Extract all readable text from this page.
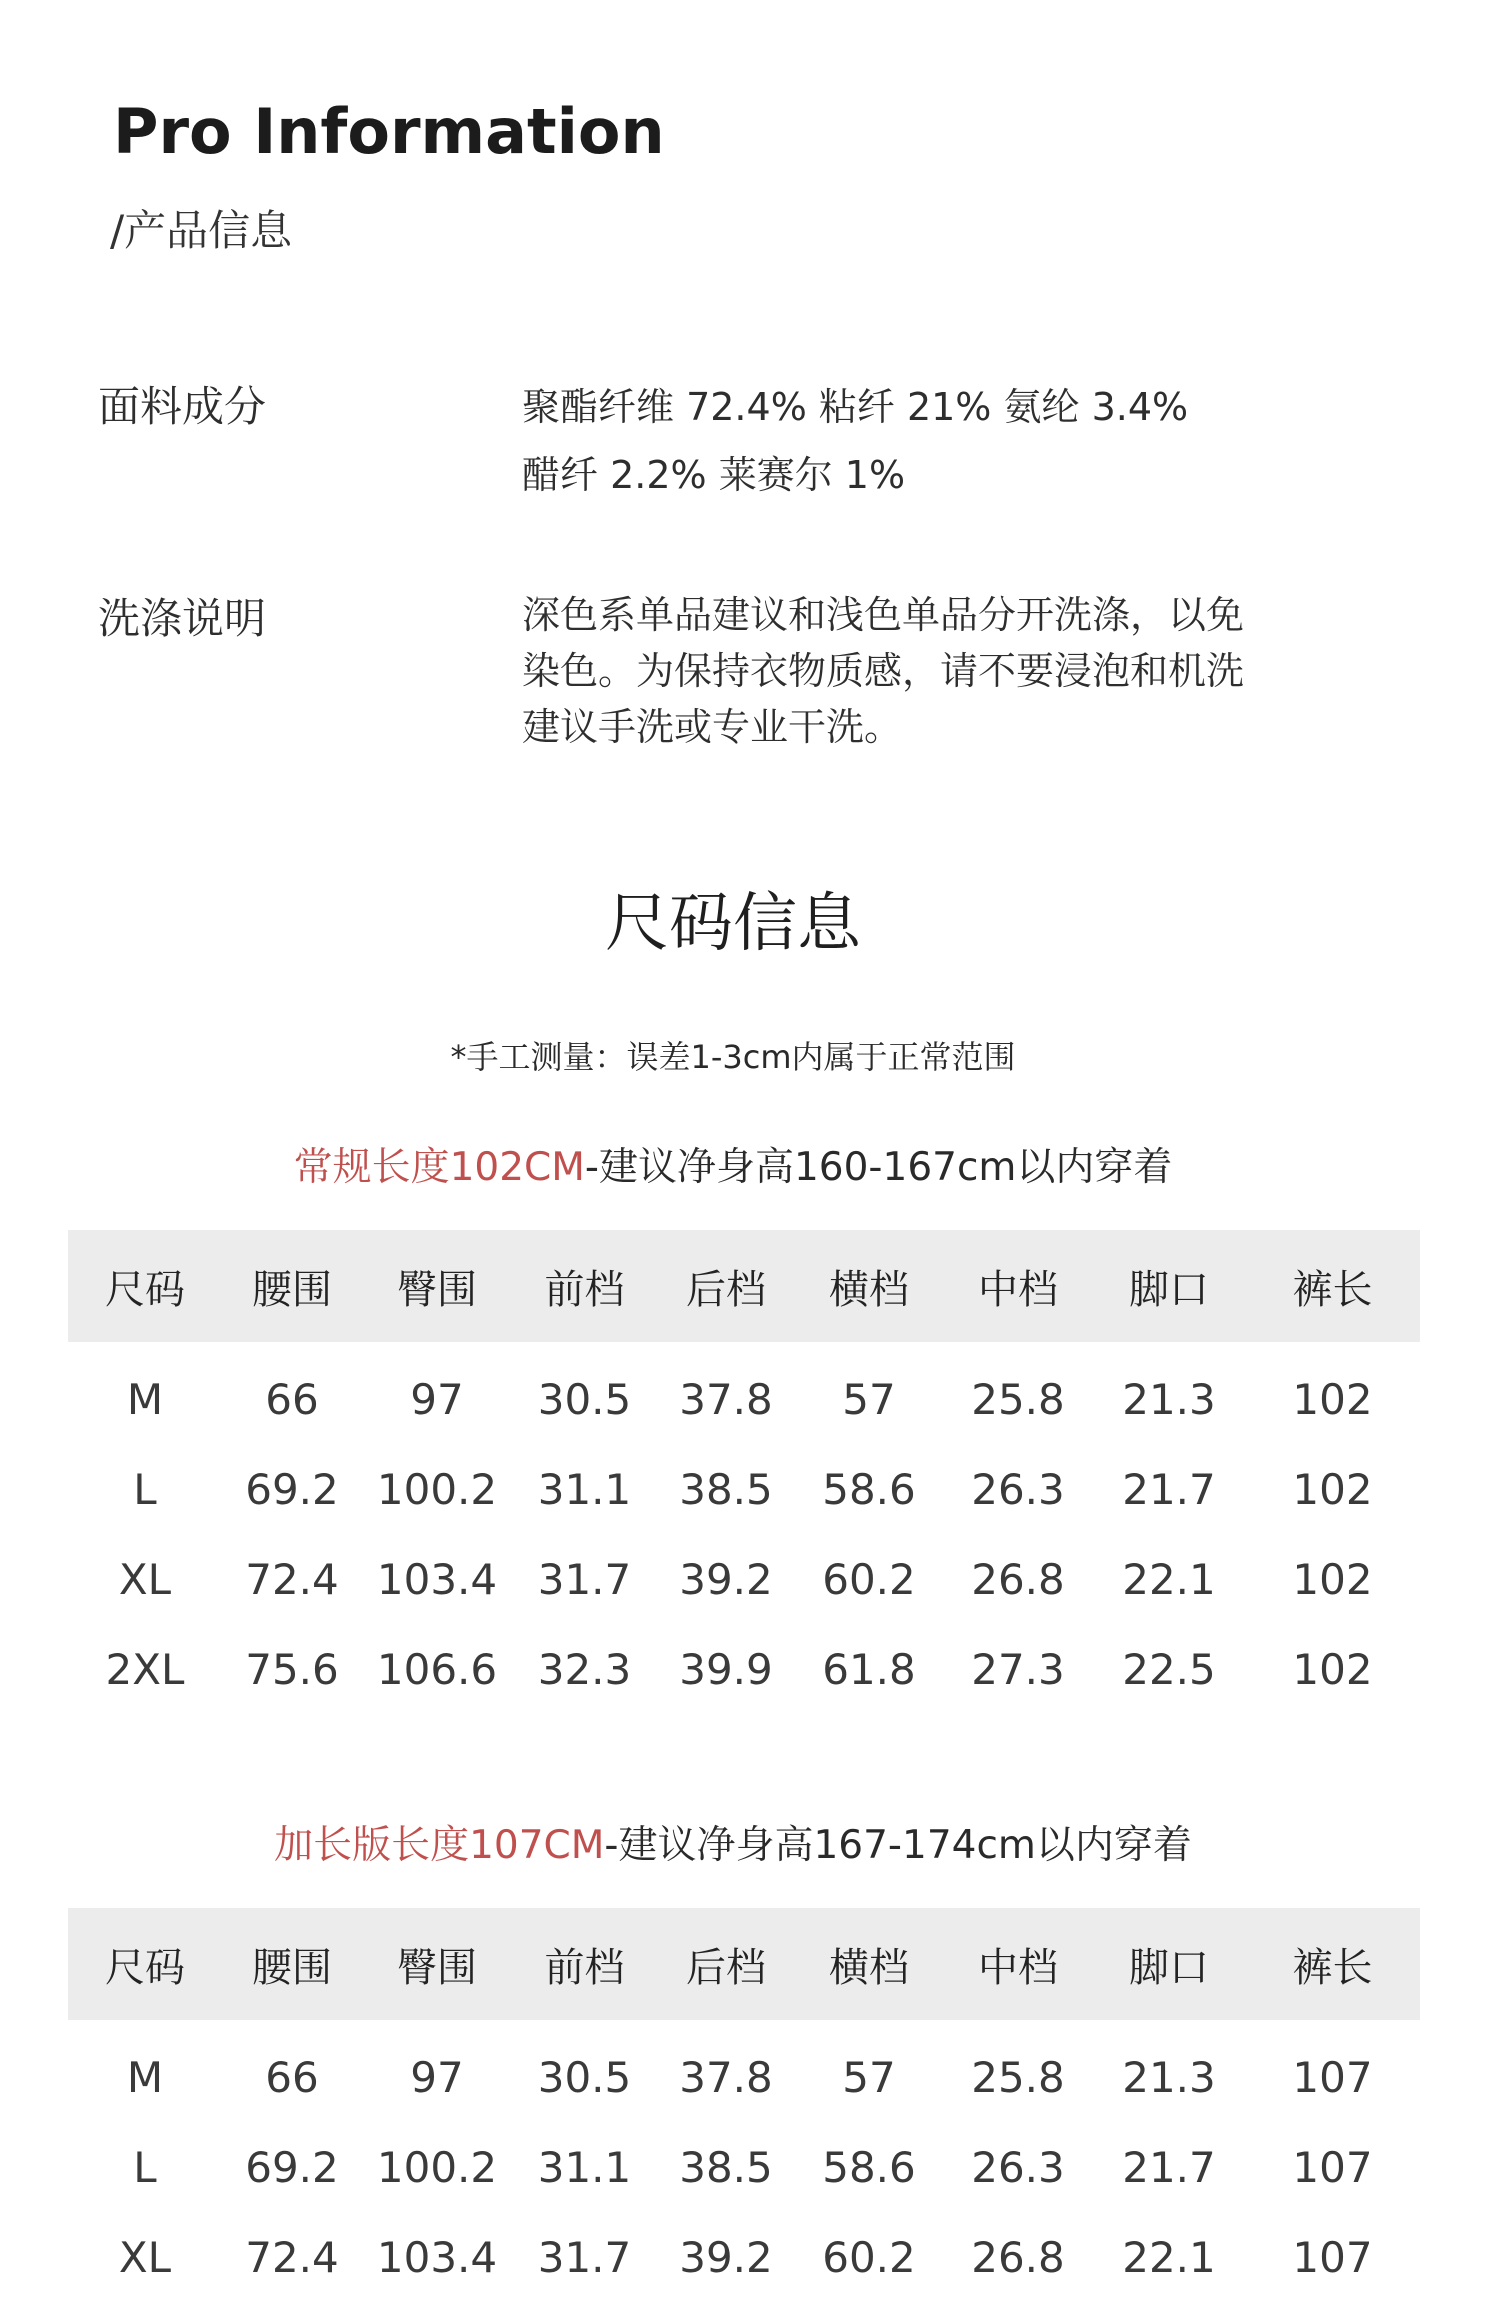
Pro Information
/产品信息
面料成分	聚酯纤维 72.4% 粘纤 21% 氨纶 3.4%
醋纤 2.2% 莱赛尔 1%
洗涤说明	深色系单品建议和浅色单品分开洗涤，以免
染色。为保持衣物质感，请不要浸泡和机洗
建议手洗或专业干洗。
尺码信息
*手工测量：误差1-3cm内属于正常范围
常规长度102CM-建议净身高160-167cm以内穿着
尺码	腰围	臀围	前档	后档	横档	中档	脚口	裤长
M	66	97	30.5	37.8	57	25.8	21.3	102
L	69.2	100.2	31.1	38.5	58.6	26.3	21.7	102
XL	72.4	103.4	31.7	39.2	60.2	26.8	22.1	102
2XL	75.6	106.6	32.3	39.9	61.8	27.3	22.5	102
加长版长度107CM-建议净身高167-174cm以内穿着
尺码	腰围	臀围	前档	后档	横档	中档	脚口	裤长
M	66	97	30.5	37.8	57	25.8	21.3	107
L	69.2	100.2	31.1	38.5	58.6	26.3	21.7	107
XL	72.4	103.4	31.7	39.2	60.2	26.8	22.1	107
